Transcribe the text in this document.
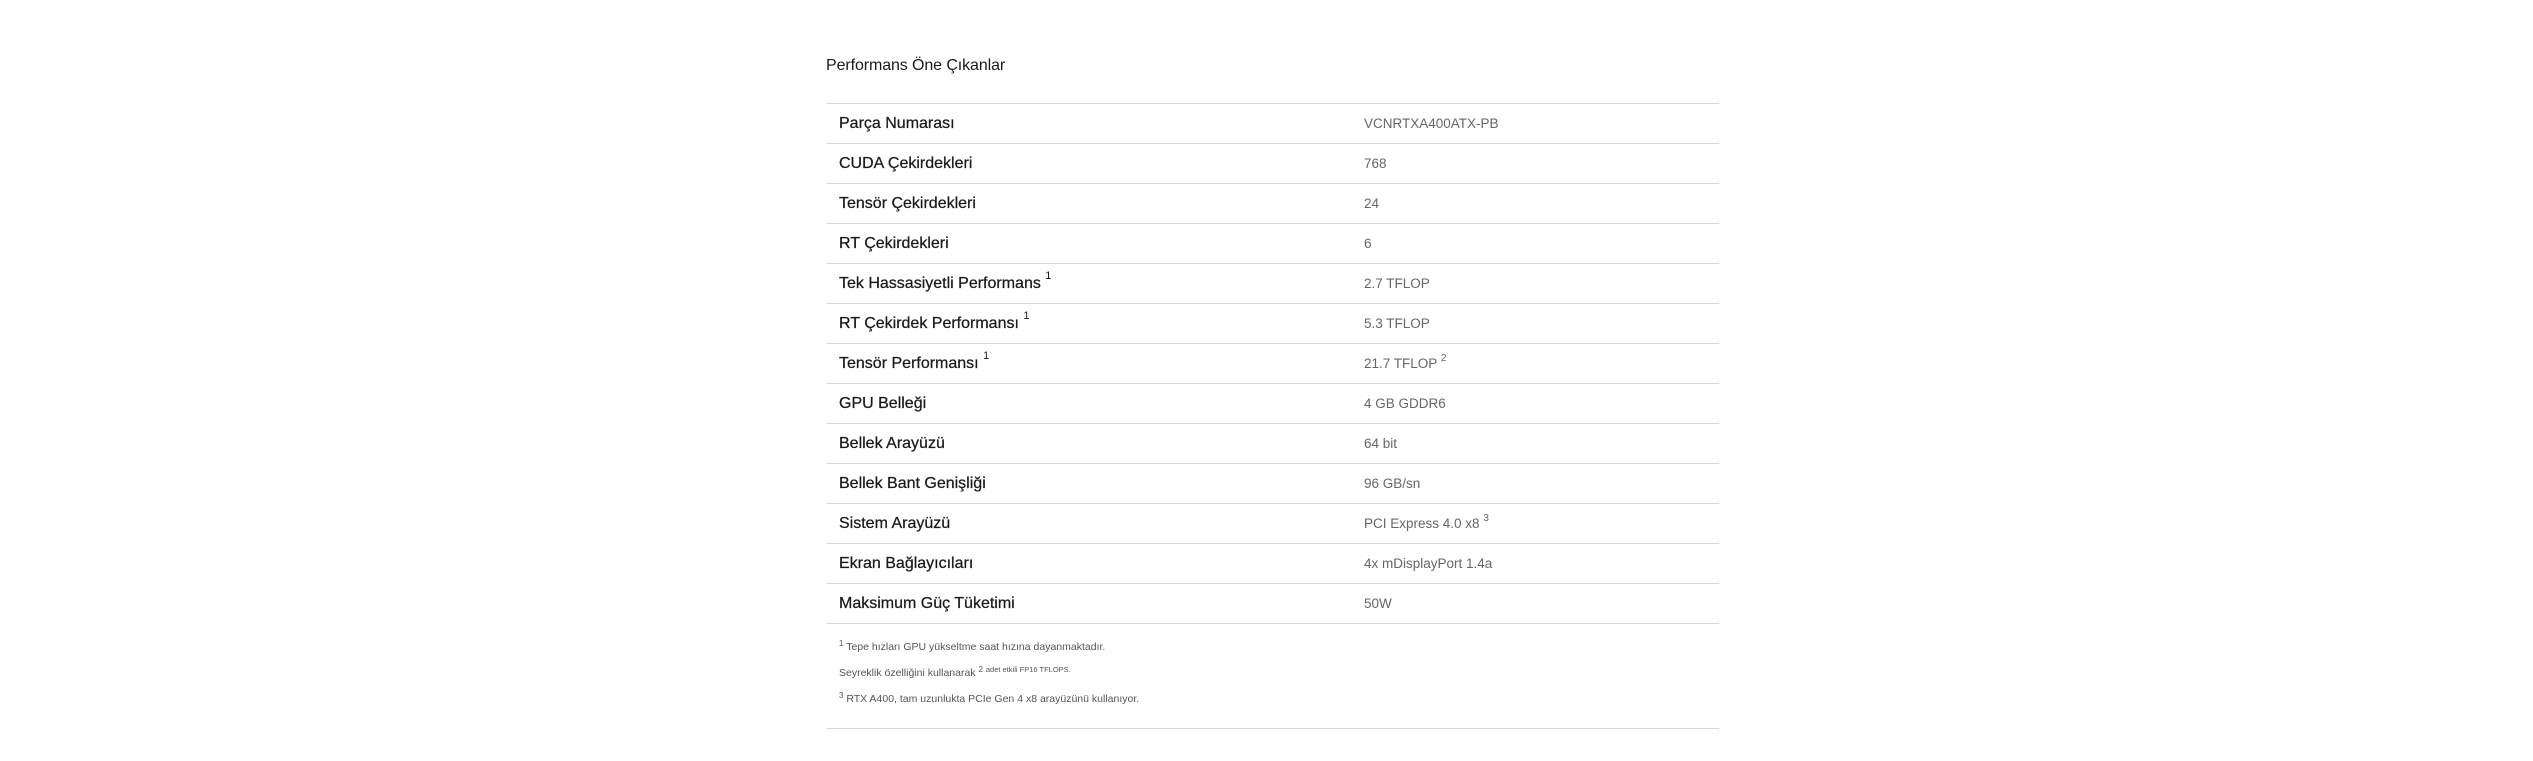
Performans Öne Çıkanlar
Parça Numarası	VCNRTXA400ATX-PB
CUDA Çekirdekleri	768
Tensör Çekirdekleri	24
RT Çekirdekleri	6
Tek Hassasiyetli Performans $^1$	2.7 TFLOP
RT Çekirdek Performansı $^1$	5.3 TFLOP
Tensör Performansı $^1$	21.7 TFLOP $^2$
GPU Belleği	4 GB GDDR6
Bellek Arayüzü	64 bit
Bellek Bant Genişliği	96 GB/sn
Sistem Arayüzü	PCI Express 4.0 x8 $^3$
Ekran Bağlayıcıları	4x mDisplayPort 1.4a
Maksimum Güç Tüketimi	50W
$^1$ Tepe hızları GPU yükseltme saat hızına dayanmaktadır.
Seyreklik özelliğini kullanarak $^2$ $^{adet etkili FP16 TFLOPS.}$
$^3$ RTX A400, tam uzunlukta PCIe Gen 4 x8 arayüzünü kullanıyor.
